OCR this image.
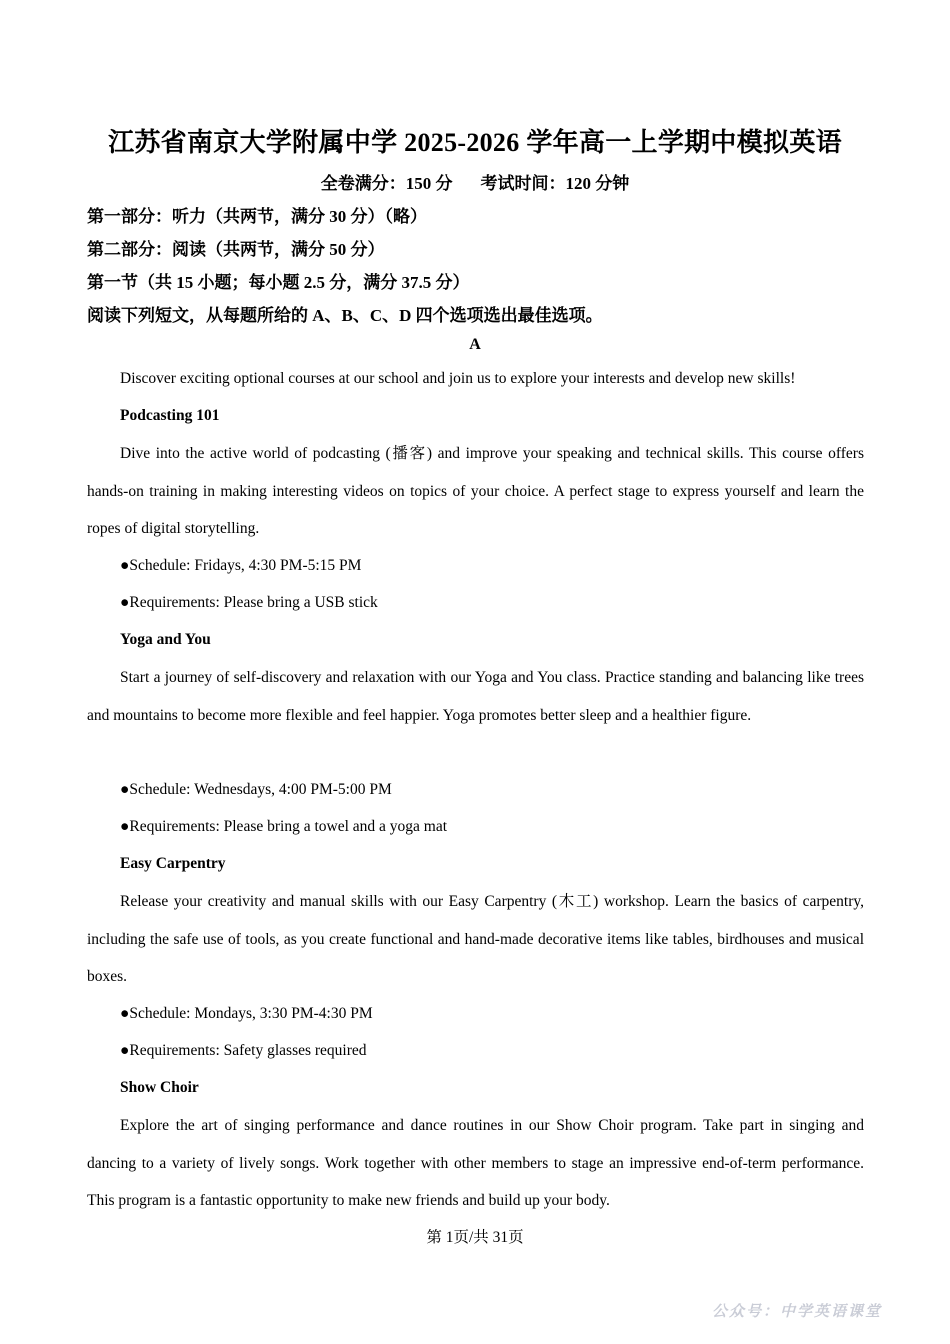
江苏省南京大学附属中学 2025-2026 学年高一上学期中模拟英语
全卷满分：150 分 考试时间：120 分钟
第一部分：听力（共两节，满分 30 分）（略）
第二部分：阅读（共两节，满分 50 分）
第一节（共 15 小题；每小题 2.5 分，满分 37.5 分）
阅读下列短文，从每题所给的 A、B、C、D 四个选项选出最佳选项。
A
Discover exciting optional courses at our school and join us to explore your interests and develop new skills!
Podcasting 101
Dive into the active world of podcasting (播客) and improve your speaking and technical skills. This course offers hands-on training in making interesting videos on topics of your choice. A perfect stage to express yourself and learn the ropes of digital storytelling.
●Schedule: Fridays, 4:30 PM-5:15 PM
●Requirements: Please bring a USB stick
Yoga and You
Start a journey of self-discovery and relaxation with our Yoga and You class. Practice standing and balancing like trees and mountains to become more flexible and feel happier. Yoga promotes better sleep and a healthier figure.
●Schedule: Wednesdays, 4:00 PM-5:00 PM
●Requirements: Please bring a towel and a yoga mat
Easy Carpentry
Release your creativity and manual skills with our Easy Carpentry (木工) workshop. Learn the basics of carpentry, including the safe use of tools, as you create functional and hand-made decorative items like tables, birdhouses and musical boxes.
●Schedule: Mondays, 3:30 PM-4:30 PM
●Requirements: Safety glasses required
Show Choir
Explore the art of singing performance and dance routines in our Show Choir program. Take part in singing and dancing to a variety of lively songs. Work together with other members to stage an impressive end-of-term performance. This program is a fantastic opportunity to make new friends and build up your body.
第 1页/共 31页
公众号：中学英语课堂
